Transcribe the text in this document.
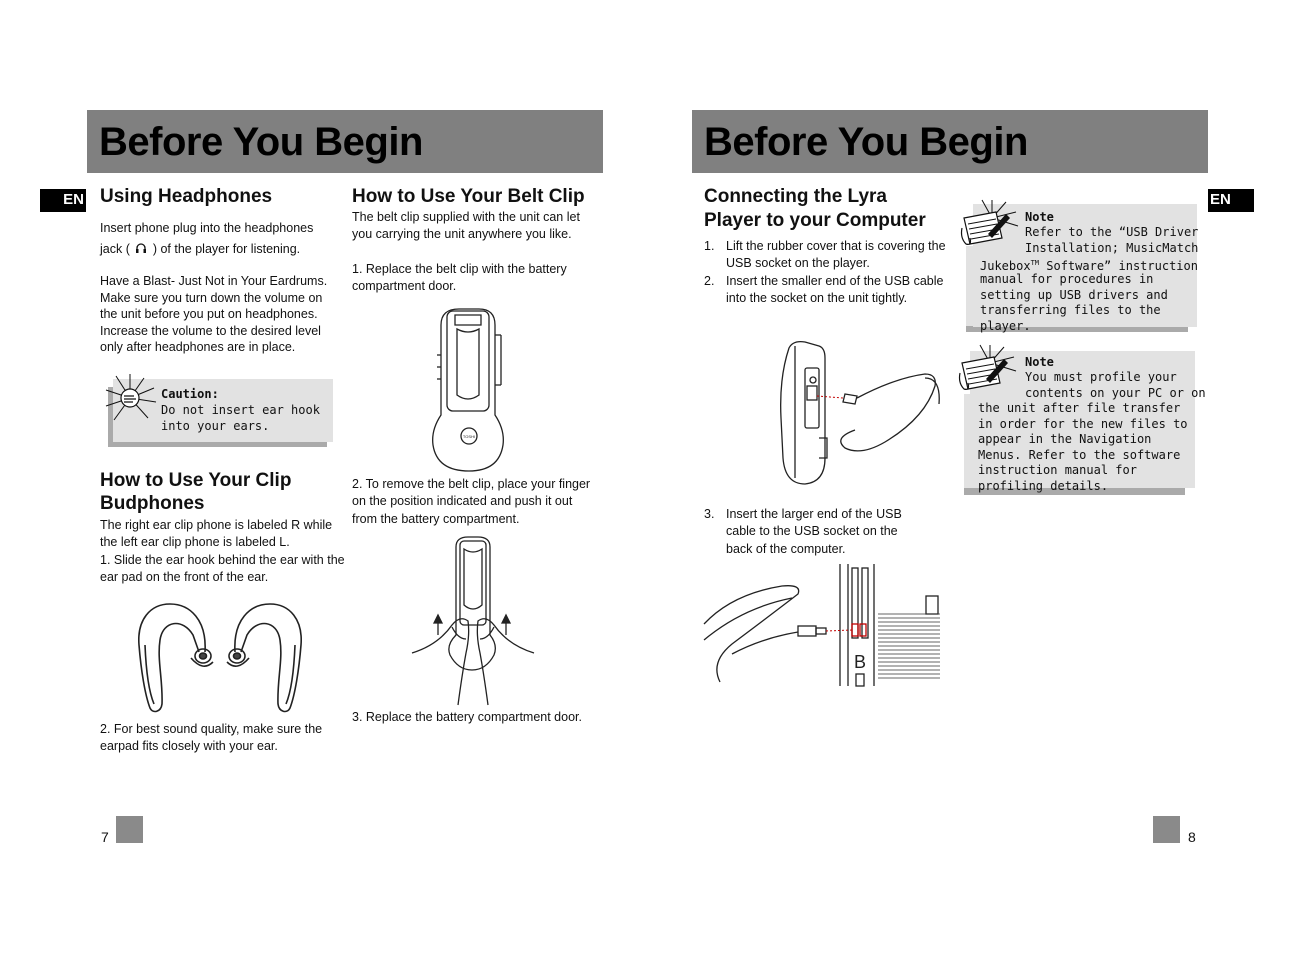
Before You Begin
EN Using Headphones
Insert phone plug into the headphones
jack ( ) of the player for listening.
Have a Blast- Just Not in Your Eardrums. Make sure you turn down the volume on the unit before you put on headphones. Increase the volume to the desired level only after headphones are in place.
Caution:
Do not insert ear hook into your ears.
How to Use Your Clip Budphones
The right ear clip phone is labeled R while the left ear clip phone is labeled L.
1. Slide the ear hook behind the ear with the ear pad on the front of the ear.
2. For best sound quality, make sure the earpad fits closely with your ear.
How to Use Your Belt Clip
The belt clip supplied with the unit can let you carrying the unit anywhere you like.
1. Replace the belt clip with the battery compartment door.
TOSHI
2. To remove the belt clip, place your finger on the position indicated and push it out from the battery compartment.
3. Replace the battery compartment door.
7
Before You Begin
EN
Connecting the Lyra Player to your Computer
1. Lift the rubber cover that is covering the USB socket on the player.
2. Insert the smaller end of the USB cable into the socket on the unit tightly.
3. Insert the larger end of the USB cable to the USB socket on the back of the computer.
B
Note
Refer to the “USB Driver
Installation; MusicMatch
Jukebox™ Software” instruction
manual for procedures in setting up USB drivers and transferring files to the player.
Note
You must profile your
contents on your PC or on
the unit after file transfer in order for the new files to appear in the Navigation Menus. Refer to the software instruction manual for profiling details.
8
